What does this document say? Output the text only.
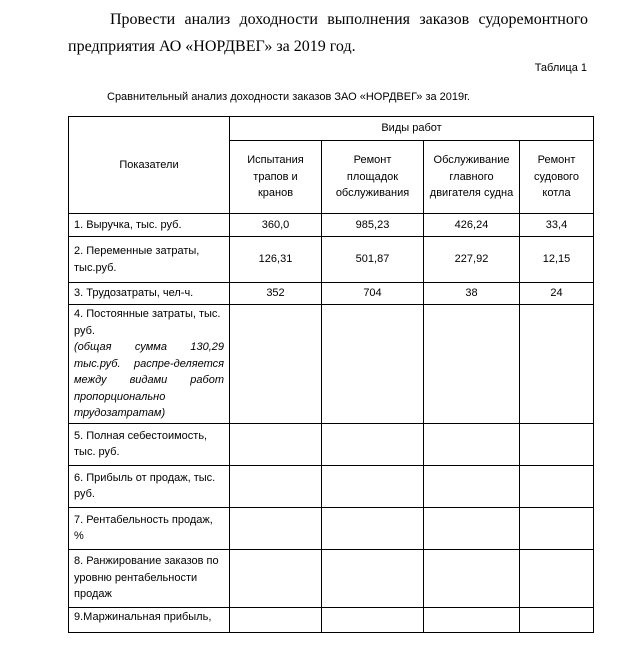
Провести анализ доходности выполнения заказов судоремонтного предприятия АО «НОРДВЕГ» за 2019 год.

Таблица 1
Сравнительный анализ доходности заказов ЗАО «НОРДВЕГ» за 2019г.
Показатели	Виды работ			
	Испытания трапов и кранов	Ремонт площадок обслуживания	Обслуживание главного двигателя судна	Ремонт судового котла
1. Выручка, тыс. руб.	360,0	985,23	426,24	33,4
2. Переменные затраты, тыс.руб.	126,31	501,87	227,92	12,15
3. Трудозатраты, чел-ч.	352	704	38	24
4. Постоянные затраты, тыс. руб.
(общая сумма 130,29 тыс.руб. распре-деляется между видами работ пропорционально трудозатратам)				

5. Полная себестоимость, тыс. руб.				
6. Прибыль от продаж, тыс. руб.				
7. Рентабельность продаж, %				
8. Ранжирование заказов по уровню рентабельности продаж				
9.Маржинальная прибыль,				
